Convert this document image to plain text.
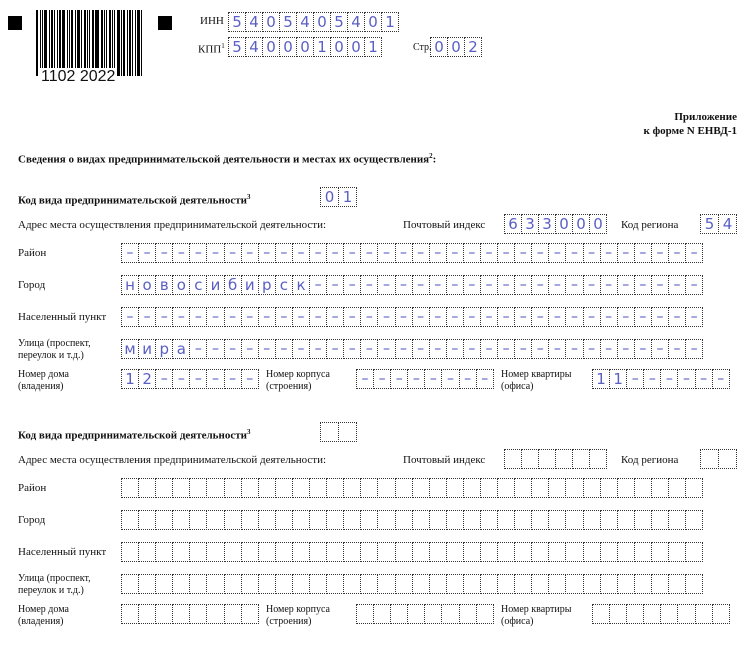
1102 2022
ИНН 5 4 0 5 4 0 5 4 0 1
КПП$^1$ 5 4 0 0 0 1 0 0 1	Стр. 0 0 2
Приложение
к форме N ЕНВД-1
Сведения о видах предпринимательской деятельности и местах их осуществления$^2$:
Код вида предпринимательской деятельности$^3$	0 1
Адрес места осуществления предпринимательской деятельности:	Почтовый индекс 6 3 3 0 0 0	Код региона	5 4
Район	– – – – – – – – – – – – – – – – – – – – – – – – – – – – – – – – – –
Город	н о в о с и б и р с к – – – – – – – – – – – – – – – – – – – – – – –
Населенный пункт	– – – – – – – – – – – – – – – – – – – – – – – – – – – – – – – – – –
Улица (проспект,
переулок и т.д.)	м и р а – – – – – – – – – – – – – – – – – – – – – – – – – – – – – –
Номер дома
(владения)	1 2 – – – – – –	Номер корпуса
(строения)	– – – – – – – –	Номер квартиры
(офиса)	1 1 – – – – – –
Код вида предпринимательской деятельности$^3$
Адрес места осуществления предпринимательской деятельности:	Почтовый индекс	Код региона
Район
Город
Населенный пункт
Улица (проспект,
переулок и т.д.)
Номер дома
(владения)
Номер корпуса
(строения)
Номер квартиры
(офиса)
